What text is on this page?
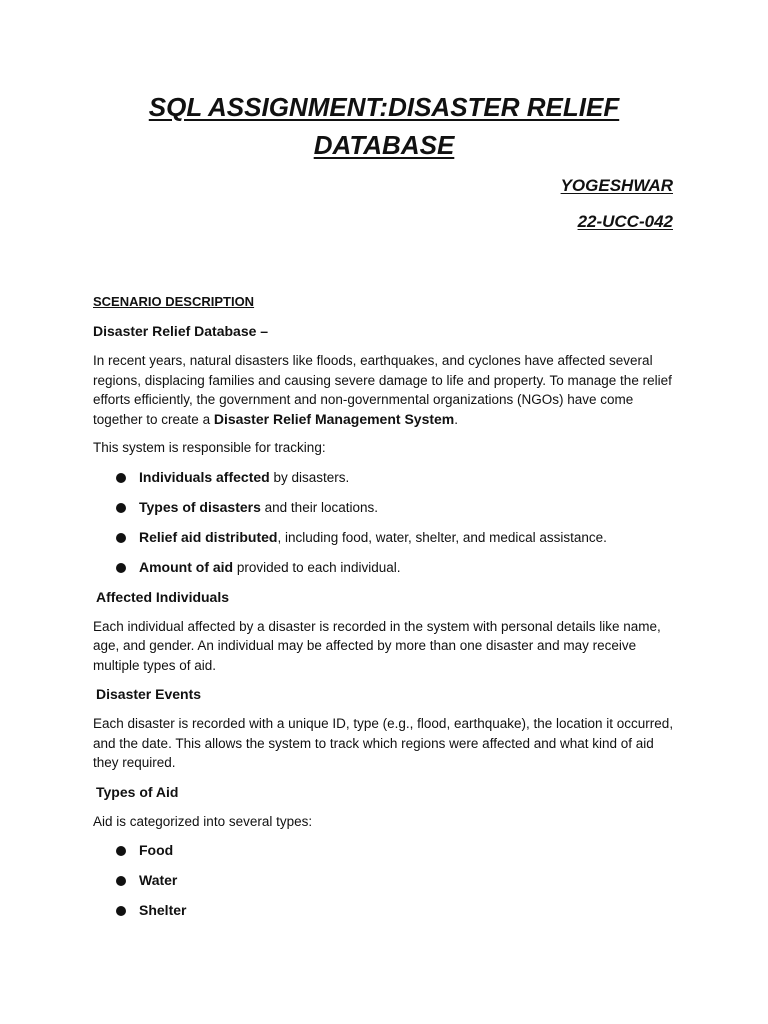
SQL ASSIGNMENT:DISASTER RELIEF DATABASE
YOGESHWAR
22-UCC-042
SCENARIO DESCRIPTION
Disaster Relief Database –

In recent years, natural disasters like floods, earthquakes, and cyclones have affected several regions, displacing families and causing severe damage to life and property. To manage the relief efforts efficiently, the government and non-governmental organizations (NGOs) have come together to create a Disaster Relief Management System.

This system is responsible for tracking:

Individuals affected by disasters.
Types of disasters and their locations.
Relief aid distributed, including food, water, shelter, and medical assistance.
Amount of aid provided to each individual.
Affected Individuals

Each individual affected by a disaster is recorded in the system with personal details like name, age, and gender. An individual may be affected by more than one disaster and may receive multiple types of aid.

Disaster Events

Each disaster is recorded with a unique ID, type (e.g., flood, earthquake), the location it occurred, and the date. This allows the system to track which regions were affected and what kind of aid they required.

Types of Aid

Aid is categorized into several types:

Food
Water
Shelter
